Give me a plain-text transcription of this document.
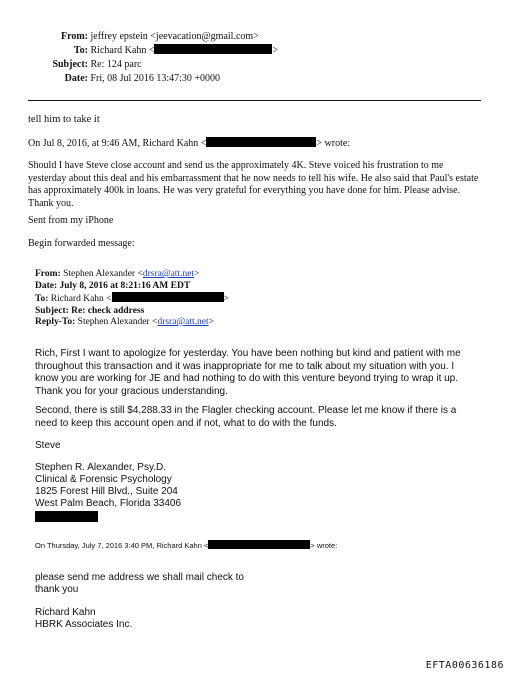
From: jeffrey epstein <jeevacation@gmail.com>
To: Richard Kahn <	>
Subject: Re: 124 parc
Date: Fri, 08 Jul 2016 13:47:30 +0000
tell him to take it
On Jul 8, 2016, at 9:46 AM, Richard Kahn <	> wrote:
Should I have Steve close account and send us the approximately 4K. Steve voiced his frustration to me yesterday about this deal and his embarrassment that he now needs to tell his wife. He also said that Paul's estate has approximately 400k in loans. He was very grateful for everything you have done for him. Please advise. Thank you.
Sent from my iPhone
Begin forwarded message:
From: Stephen Alexander <drsra@att.net>
Date: July 8, 2016 at 8:21:16 AM EDT
To: Richard Kahn <	>
Subject: Re: check address
Reply-To: Stephen Alexander <drsra@att.net>
Rich, First I want to apologize for yesterday. You have been nothing but kind and patient with me throughout this transaction and it was inappropriate for me to talk about my situation with you. I know you are working for JE and had nothing to do with this venture beyond trying to wrap it up. Thank you for your gracious understanding.
Second, there is still $4,288.33 in the Flagler checking account. Please let me know if there is a need to keep this account open and if not, what to do with the funds.
Steve
Stephen R. Alexander, Psy.D.
Clinical & Forensic Psychology
1825 Forest Hill Blvd., Suite 204
West Palm Beach, Florida 33406
On Thursday, July 7, 2016 3:40 PM, Richard Kahn <	> wrote:
please send me address we shall mail check to
thank you
Richard Kahn
HBRK Associates Inc.
EFTA00636186
